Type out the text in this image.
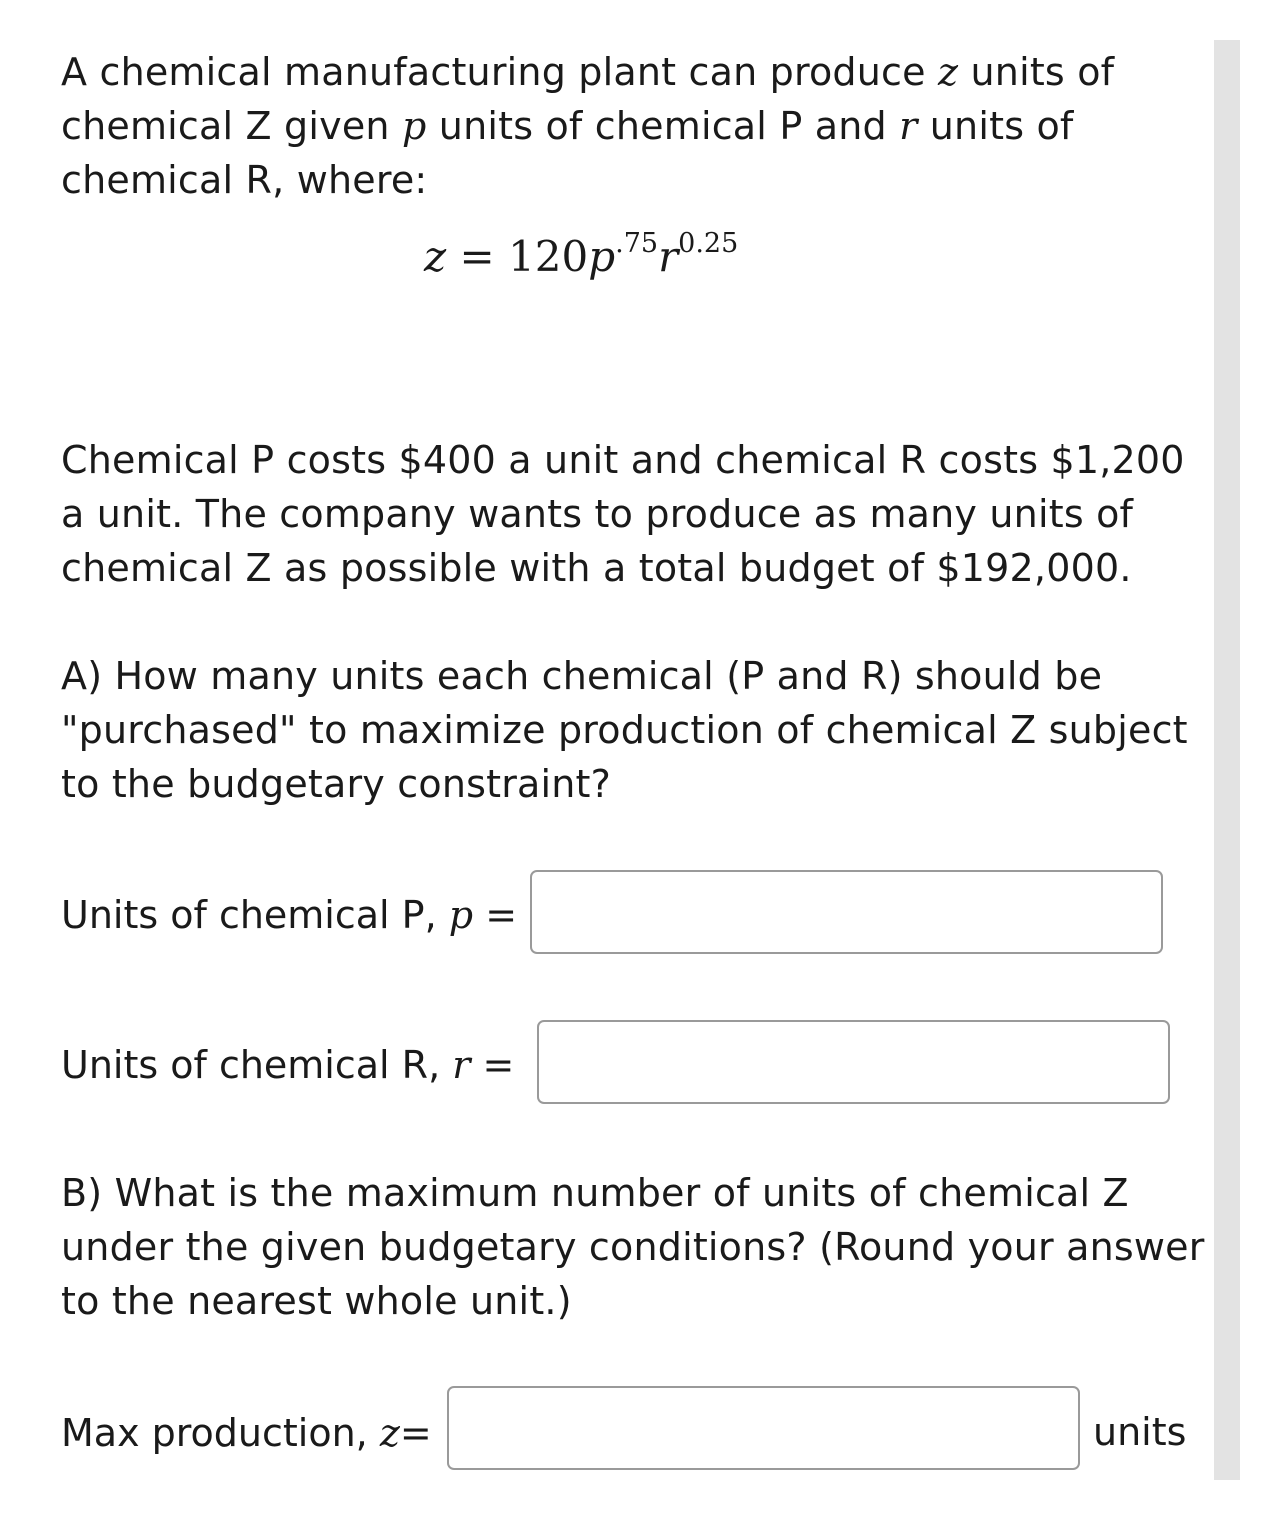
A chemical manufacturing plant can produce z units of chemical Z given p units of chemical P and r units of chemical R, where:

$z = 120p^{.75}r^{0.25}$

Chemical P costs $400 a unit and chemical R costs $1,200 a unit. The company wants to produce as many units of chemical Z as possible with a total budget of $192,000.

A) How many units each chemical (P and R) should be "purchased" to maximize production of chemical Z subject to the budgetary constraint?

Units of chemical P, p =
Units of chemical R, r =

B) What is the maximum number of units of chemical Z under the given budgetary conditions? (Round your answer to the nearest whole unit.)

Max production, z=	units
